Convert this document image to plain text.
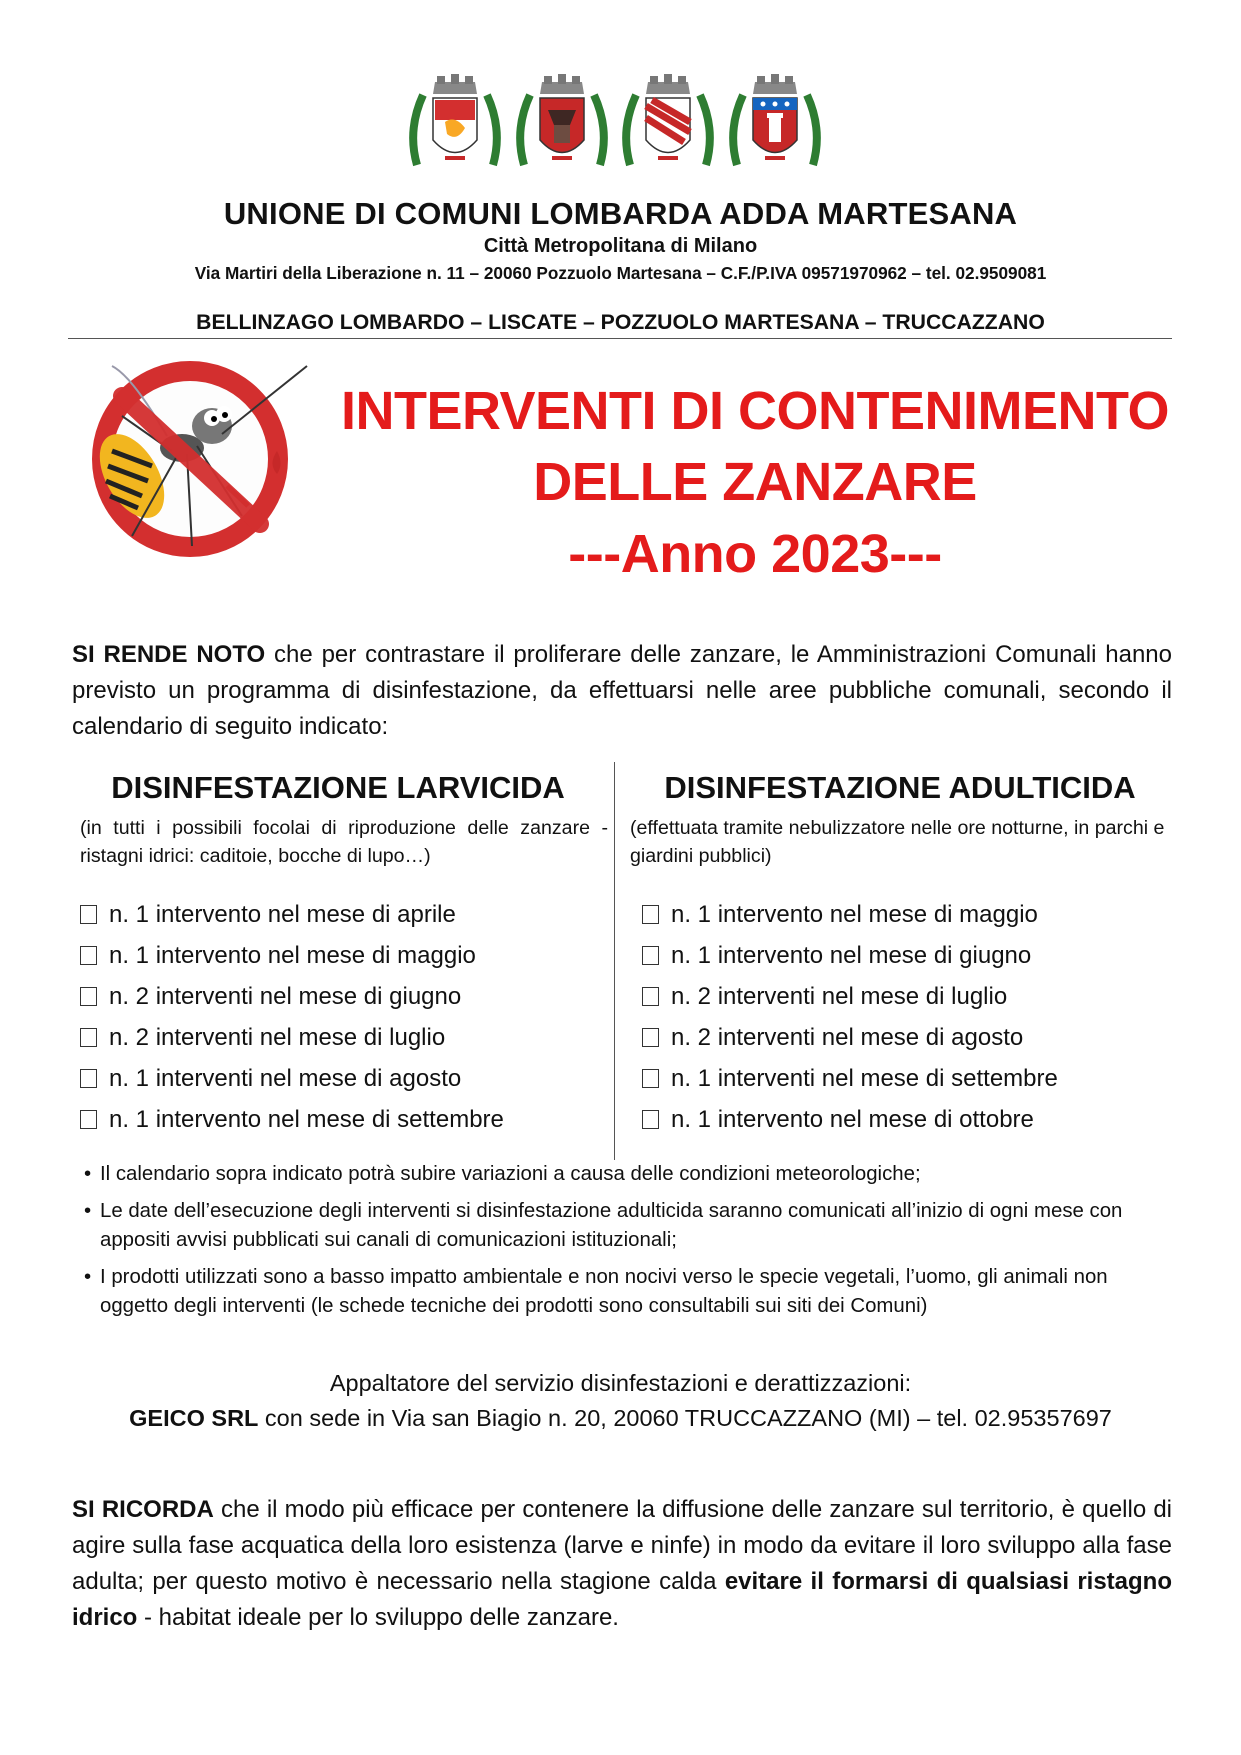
UNIONE DI COMUNI LOMBARDA ADDA MARTESANA
Città Metropolitana di Milano
Via Martiri della Liberazione n. 11 – 20060 Pozzuolo Martesana – C.F./P.IVA 09571970962 – tel. 02.9509081
BELLINZAGO LOMBARDO – LISCATE – POZZUOLO MARTESANA – TRUCCAZZANO
INTERVENTI DI CONTENIMENTO
DELLE ZANZARE
---Anno 2023---

SI RENDE NOTO che per contrastare il proliferare delle zanzare, le Amministrazioni Comunali hanno previsto un programma di disinfestazione, da effettuarsi nelle aree pubbliche comunali, secondo il calendario di seguito indicato:

DISINFESTAZIONE LARVICIDA

(in tutti i possibili focolai di riproduzione delle zanzare - ristagni idrici: caditoie, bocche di lupo…)

n. 1 intervento nel mese di aprile
n. 1 intervento nel mese di maggio
n. 2 interventi nel mese di giugno
n. 2 interventi nel mese di luglio
n. 1 interventi nel mese di agosto
n. 1 intervento nel mese di settembre
DISINFESTAZIONE ADULTICIDA

(effettuata tramite nebulizzatore nelle ore notturne, in parchi e giardini pubblici)

n. 1 intervento nel mese di maggio
n. 1 intervento nel mese di giugno
n. 2 interventi nel mese di luglio
n. 2 interventi nel mese di agosto
n. 1 interventi nel mese di settembre
n. 1 intervento nel mese di ottobre
• Il calendario sopra indicato potrà subire variazioni a causa delle condizioni meteorologiche;
• Le date dell’esecuzione degli interventi si disinfestazione adulticida saranno comunicati all’inizio di ogni mese con appositi avvisi pubblicati sui canali di comunicazioni istituzionali;
• I prodotti utilizzati sono a basso impatto ambientale e non nocivi verso le specie vegetali, l’uomo, gli animali non oggetto degli interventi (le schede tecniche dei prodotti sono consultabili sui siti dei Comuni)
Appaltatore del servizio disinfestazioni e derattizzazioni:
GEICO SRL con sede in Via san Biagio n. 20, 20060 TRUCCAZZANO (MI) – tel. 02.95357697

SI RICORDA che il modo più efficace per contenere la diffusione delle zanzare sul territorio, è quello di agire sulla fase acquatica della loro esistenza (larve e ninfe) in modo da evitare il loro sviluppo alla fase adulta; per questo motivo è necessario nella stagione calda evitare il formarsi di qualsiasi ristagno idrico - habitat ideale per lo sviluppo delle zanzare.
